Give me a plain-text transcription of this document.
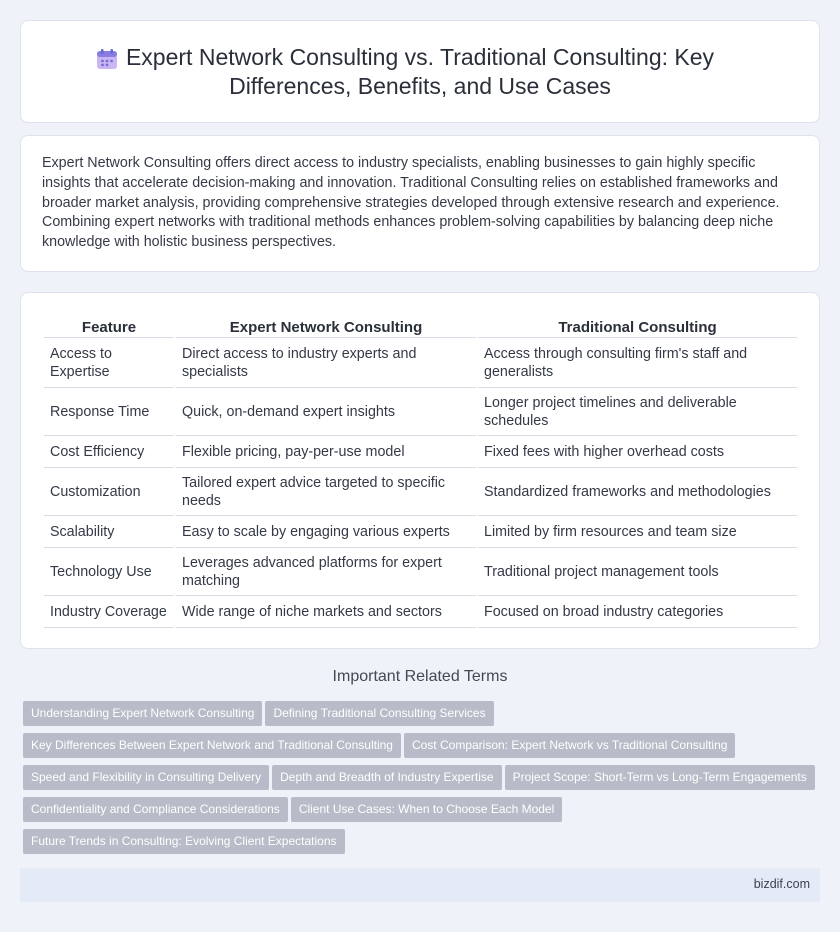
Expert Network Consulting vs. Traditional Consulting: Key Differences, Benefits, and Use Cases

Expert Network Consulting offers direct access to industry specialists, enabling businesses to gain highly specific insights that accelerate decision-making and innovation. Traditional Consulting relies on established frameworks and broader market analysis, providing comprehensive strategies developed through extensive research and experience. Combining expert networks with traditional methods enhances problem-solving capabilities by balancing deep niche knowledge with holistic business perspectives.

Feature	Expert Network Consulting	Traditional Consulting
Access to Expertise	Direct access to industry experts and specialists	Access through consulting firm's staff and generalists
Response Time	Quick, on-demand expert insights	Longer project timelines and deliverable schedules
Cost Efficiency	Flexible pricing, pay-per-use model	Fixed fees with higher overhead costs
Customization	Tailored expert advice targeted to specific needs	Standardized frameworks and methodologies
Scalability	Easy to scale by engaging various experts	Limited by firm resources and team size
Technology Use	Leverages advanced platforms for expert matching	Traditional project management tools
Industry Coverage	Wide range of niche markets and sectors	Focused on broad industry categories
Important Related Terms
Understanding Expert Network Consulting Defining Traditional Consulting Services
Key Differences Between Expert Network and Traditional Consulting Cost Comparison: Expert Network vs Traditional Consulting
Speed and Flexibility in Consulting Delivery Depth and Breadth of Industry Expertise Project Scope: Short-Term vs Long-Term Engagements
Confidentiality and Compliance Considerations Client Use Cases: When to Choose Each Model
Future Trends in Consulting: Evolving Client Expectations
bizdif.com
